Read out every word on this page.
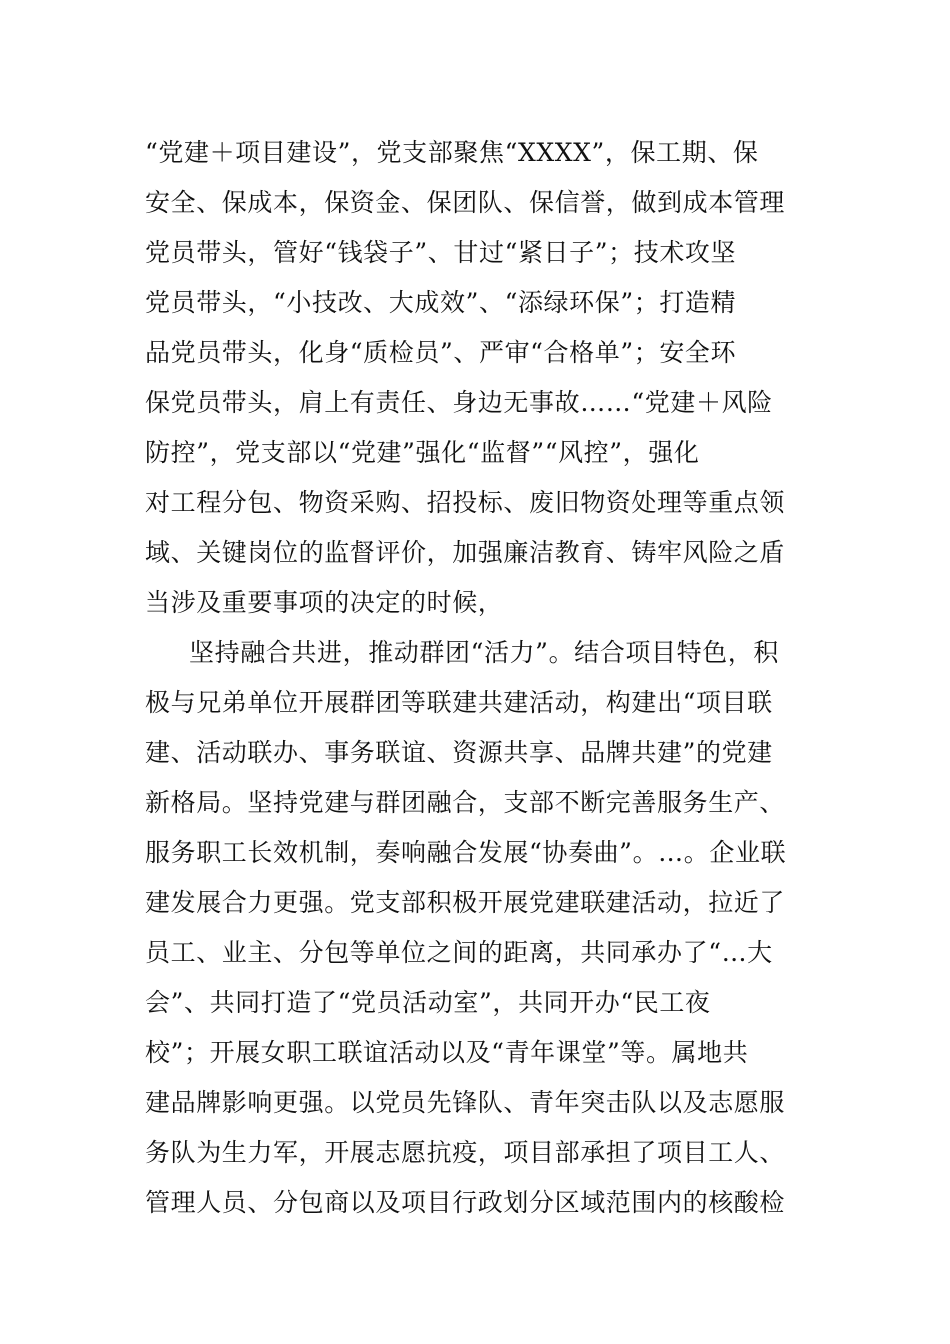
“党建＋项目建设”，党支部聚焦“XXXX”，保工期、保
安全、保成本，保资金、保团队、保信誉，做到成本管理
党员带头，管好“钱袋子”、甘过“紧日子”；技术攻坚
党员带头，“小技改、大成效”、“添绿环保”；打造精
品党员带头，化身“质检员”、严审“合格单”；安全环
保党员带头，肩上有责任、身边无事故……“党建＋风险
防控”，党支部以“党建”强化“监督”“风控”，强化
对工程分包、物资采购、招投标、废旧物资处理等重点领
域、关键岗位的监督评价，加强廉洁教育、铸牢风险之盾
当涉及重要事项的决定的时候，
坚持融合共进，推动群团“活力”。结合项目特色，积
极与兄弟单位开展群团等联建共建活动，构建出“项目联
建、活动联办、事务联谊、资源共享、品牌共建”的党建
新格局。坚持党建与群团融合，支部不断完善服务生产、
服务职工长效机制，奏响融合发展“协奏曲”。…。企业联
建发展合力更强。党支部积极开展党建联建活动，拉近了
员工、业主、分包等单位之间的距离，共同承办了“…大
会”、共同打造了“党员活动室”，共同开办“民工夜
校”；开展女职工联谊活动以及“青年课堂”等。属地共
建品牌影响更强。以党员先锋队、青年突击队以及志愿服
务队为生力军，开展志愿抗疫，项目部承担了项目工人、
管理人员、分包商以及项目行政划分区域范围内的核酸检
